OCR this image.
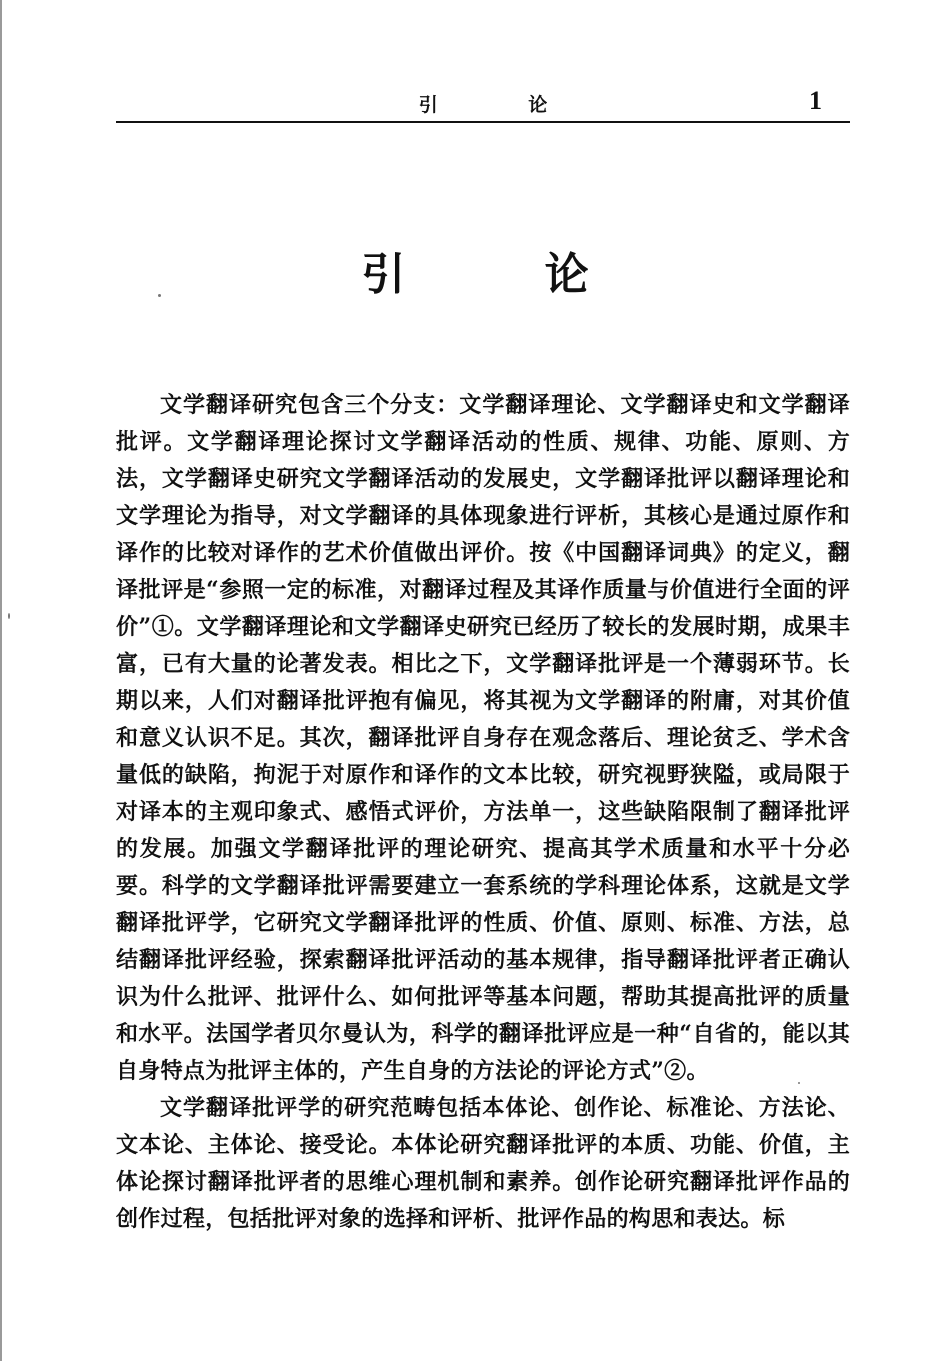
引 论	1
引 论

文学翻译研究包含三个分支：文学翻译理论、文学翻译史和文学翻译批评。文学翻译理论探讨文学翻译活动的性质、规律、功能、原则、方法，文学翻译史研究文学翻译活动的发展史，文学翻译批评以翻译理论和文学理论为指导，对文学翻译的具体现象进行评析，其核心是通过原作和译作的比较对译作的艺术价值做出评价。按《中国翻译词典》的定义，翻译批评是“参照一定的标准，对翻译过程及其译作质量与价值进行全面的评价”①。文学翻译理论和文学翻译史研究已经历了较长的发展时期，成果丰富，已有大量的论著发表。相比之下，文学翻译批评是一个薄弱环节。长期以来，人们对翻译批评抱有偏见，将其视为文学翻译的附庸，对其价值和意义认识不足。其次，翻译批评自身存在观念落后、理论贫乏、学术含量低的缺陷，拘泥于对原作和译作的文本比较，研究视野狭隘，或局限于对译本的主观印象式、感悟式评价，方法单一，这些缺陷限制了翻译批评的发展。加强文学翻译批评的理论研究、提高其学术质量和水平十分必要。科学的文学翻译批评需要建立一套系统的学科理论体系，这就是文学翻译批评学，它研究文学翻译批评的性质、价值、原则、标准、方法，总结翻译批评经验，探索翻译批评活动的基本规律，指导翻译批评者正确认识为什么批评、批评什么、如何批评等基本问题，帮助其提高批评的质量和水平。法国学者贝尔曼认为，科学的翻译批评应是一种“自省的，能以其自身特点为批评主体的，产生自身的方法论的评论方式”②。

文学翻译批评学的研究范畴包括本体论、创作论、标准论、方法论、文本论、主体论、接受论。本体论研究翻译批评的本质、功能、价值，主体论探讨翻译批评者的思维心理机制和素养。创作论研究翻译批评作品的创作过程，包括批评对象的选择和评析、批评作品的构思和表达。标
